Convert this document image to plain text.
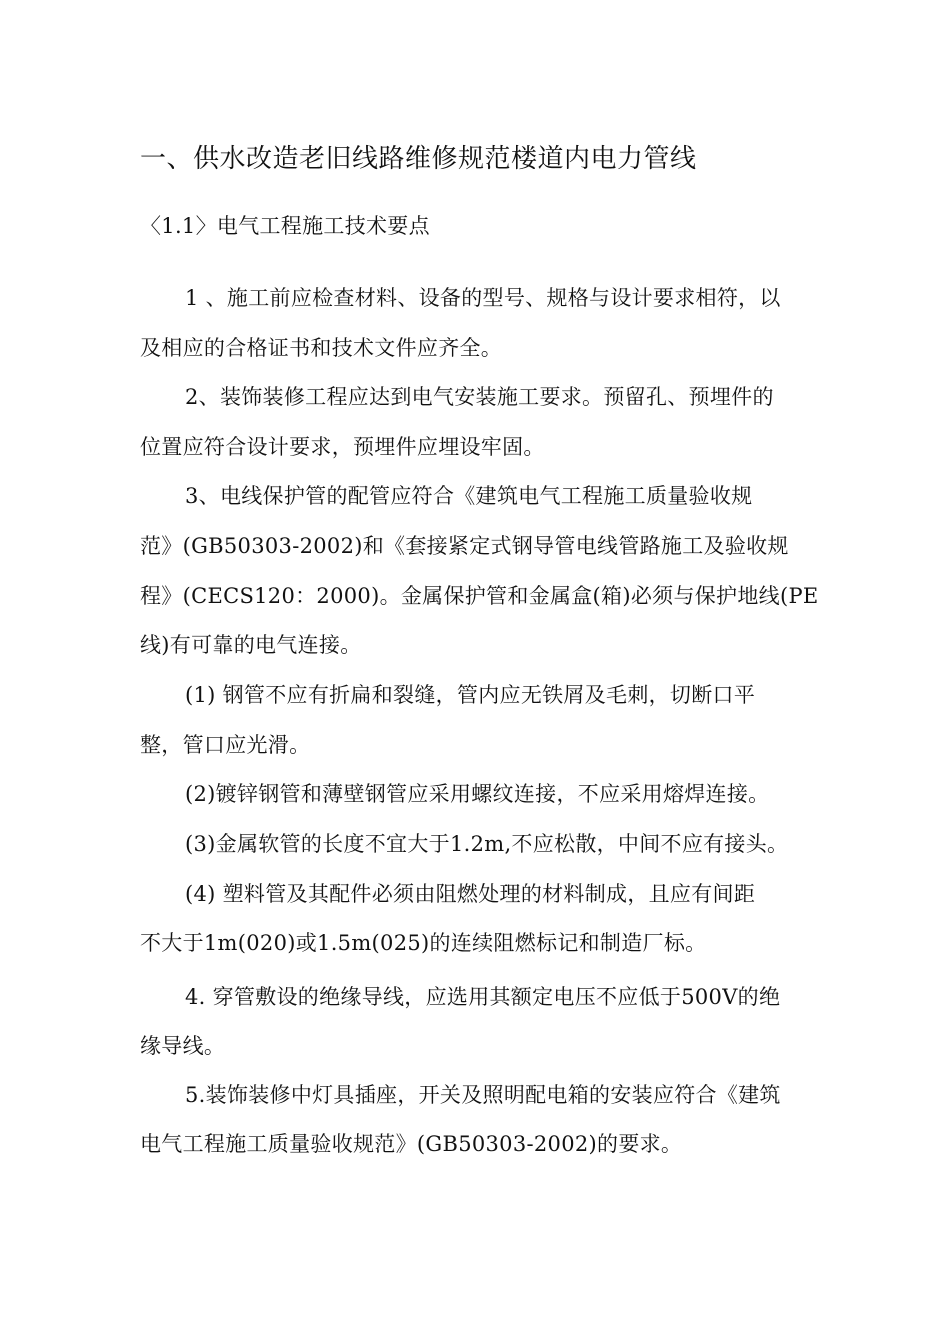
一、供水改造老旧线路维修规范楼道内电力管线
〈1.1〉电气工程施工技术要点
1 、施工前应检查材料、设备的型号、规格与设计要求相符，以
及相应的合格证书和技术文件应齐全。
2、装饰装修工程应达到电气安装施工要求。预留孔、预埋件的
位置应符合设计要求，预埋件应埋设牢固。
3、电线保护管的配管应符合《建筑电气工程施工质量验收规
范》(GB50303-2002)和《套接紧定式钢导管电线管路施工及验收规
程》(CECS120：2000)。金属保护管和金属盒(箱)必须与保护地线(PE
线)有可靠的电气连接。
(1) 钢管不应有折扁和裂缝，管内应无铁屑及毛刺，切断口平
整，管口应光滑。
(2)镀锌钢管和薄壁钢管应采用螺纹连接，不应采用熔焊连接。
(3)金属软管的长度不宜大于1.2m,不应松散，中间不应有接头。
(4) 塑料管及其配件必须由阻燃处理的材料制成，且应有间距
不大于1m(020)或1.5m(025)的连续阻燃标记和制造厂标。
4. 穿管敷设的绝缘导线，应选用其额定电压不应低于500V的绝
缘导线。
5.装饰装修中灯具插座，开关及照明配电箱的安装应符合《建筑
电气工程施工质量验收规范》(GB50303-2002)的要求。
